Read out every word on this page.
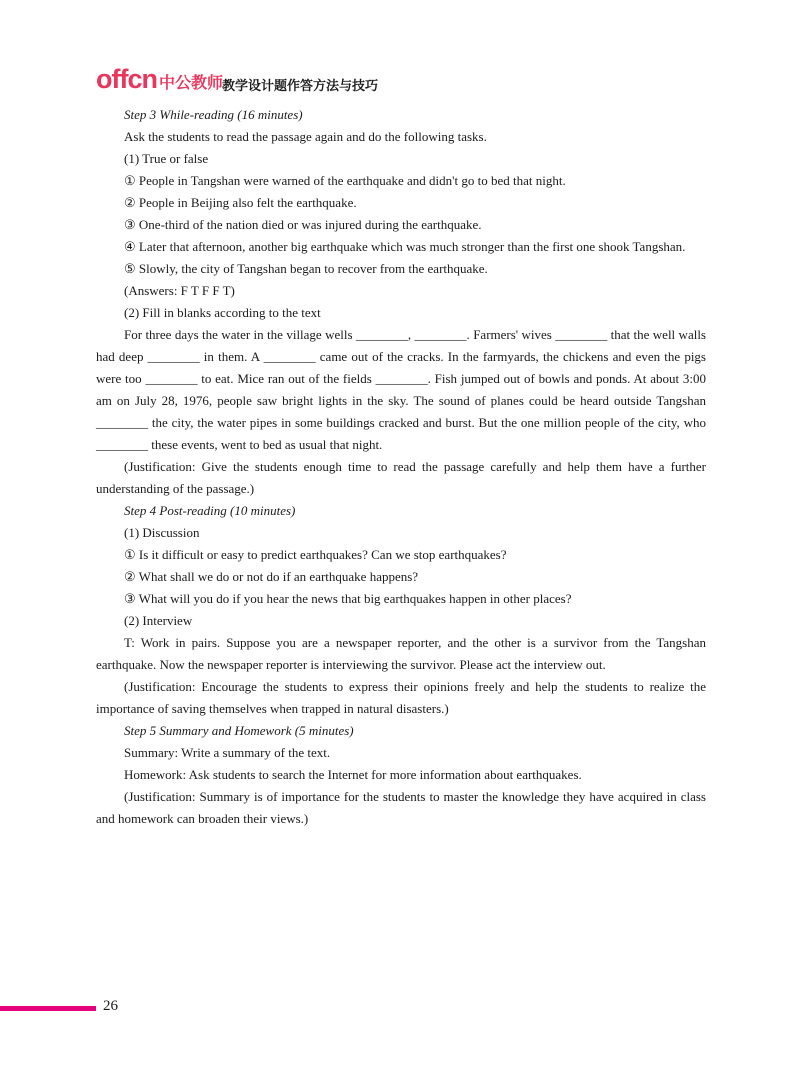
offcn 中公教师 教学设计题作答方法与技巧

Step 3 While-reading (16 minutes)

Ask the students to read the passage again and do the following tasks.

(1) True or false

① People in Tangshan were warned of the earthquake and didn't go to bed that night.

② People in Beijing also felt the earthquake.

③ One-third of the nation died or was injured during the earthquake.

④ Later that afternoon, another big earthquake which was much stronger than the first one shook Tangshan.

⑤ Slowly, the city of Tangshan began to recover from the earthquake.

(Answers: F T F F T)

(2) Fill in blanks according to the text

For three days the water in the village wells ________, ________. Farmers' wives ________ that the well walls had deep ________ in them. A ________ came out of the cracks. In the farmyards, the chickens and even the pigs were too ________ to eat. Mice ran out of the fields ________. Fish jumped out of bowls and ponds. At about 3:00 am on July 28, 1976, people saw bright lights in the sky. The sound of planes could be heard outside Tangshan ________ the city, the water pipes in some buildings cracked and burst. But the one million people of the city, who ________ these events, went to bed as usual that night.

(Justification: Give the students enough time to read the passage carefully and help them have a further understanding of the passage.)

Step 4 Post-reading (10 minutes)

(1) Discussion

① Is it difficult or easy to predict earthquakes? Can we stop earthquakes?

② What shall we do or not do if an earthquake happens?

③ What will you do if you hear the news that big earthquakes happen in other places?

(2) Interview

T: Work in pairs. Suppose you are a newspaper reporter, and the other is a survivor from the Tangshan earthquake. Now the newspaper reporter is interviewing the survivor. Please act the interview out.

(Justification: Encourage the students to express their opinions freely and help the students to realize the importance of saving themselves when trapped in natural disasters.)

Step 5 Summary and Homework (5 minutes)

Summary: Write a summary of the text.

Homework: Ask students to search the Internet for more information about earthquakes.

(Justification: Summary is of importance for the students to master the knowledge they have acquired in class and homework can broaden their views.)

26
